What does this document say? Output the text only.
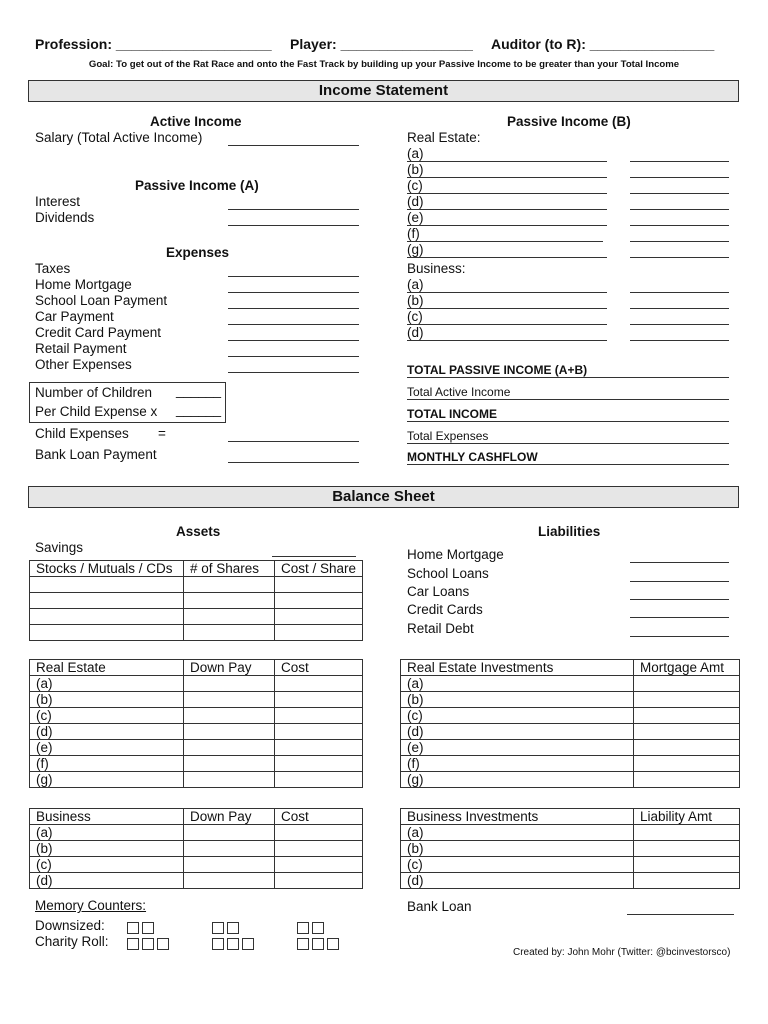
Profession: ____________________ Player: _________________ Auditor (to R): ________________
Goal: To get out of the Rat Race and onto the Fast Track by building up your Passive Income to be greater than your Total Income
Income Statement
Active Income
Salary (Total Active Income)
Passive Income (A)
Interest
Dividends
Expenses
Taxes
Home Mortgage
School Loan Payment
Car Payment
Credit Card Payment
Retail Payment
Other Expenses
Number of Children ______
Per Child Expense x ______
Child Expenses =
Bank Loan Payment
Passive Income (B)
Real Estate:
(a)
(b)
(c)
(d)
(e)
(f)
(g)
Business:
(a)
(b)
(c)
(d)
TOTAL PASSIVE INCOME (A+B)
Total Active Income
TOTAL INCOME
Total Expenses
MONTHLY CASHFLOW
Balance Sheet
Assets
Savings
Stocks / Mutuals / CDs	# of Shares	Cost / Share

Real Estate	Down Pay	Cost
(a)		
(b)		
(c)		
(d)		
(e)		
(f)		
(g)		
Business	Down Pay	Cost
(a)		
(b)		
(c)		
(d)		
Liabilities
Home Mortgage
School Loans
Car Loans
Credit Cards
Retail Debt
Real Estate Investments	Mortgage Amt
(a)	
(b)	
(c)	
(d)	
(e)	
(f)	
(g)	
Business Investments	Liability Amt
(a)	
(b)	
(c)	
(d)	
Bank Loan
Memory Counters:
Downsized:
Charity Roll:
Created by: John Mohr (Twitter: @bcinvestorsco)
